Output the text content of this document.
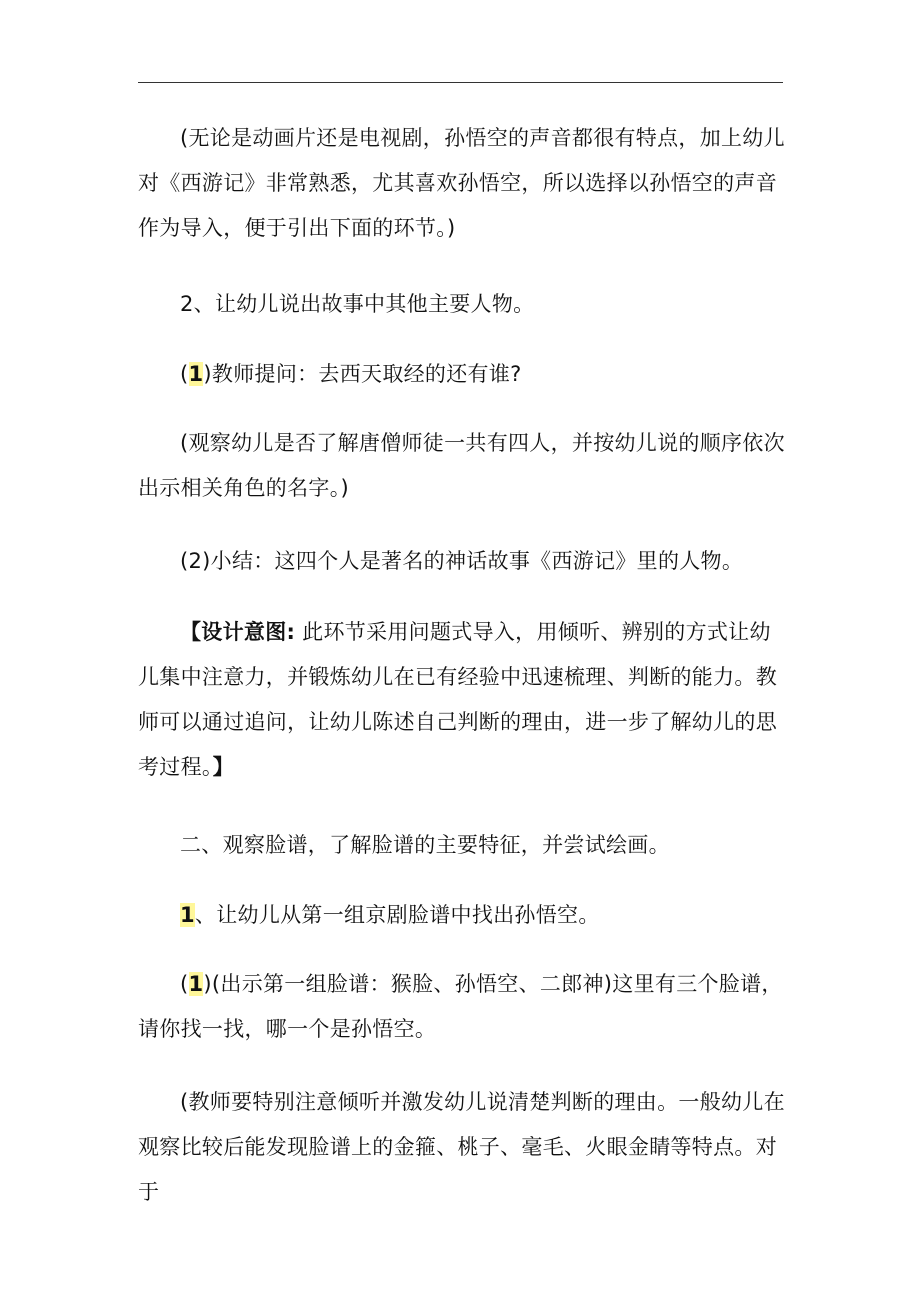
(无论是动画片还是电视剧，孙悟空的声音都很有特点，加上幼儿对《西游记》非常熟悉，尤其喜欢孙悟空，所以选择以孙悟空的声音作为导入，便于引出下面的环节。)

2、让幼儿说出故事中其他主要人物。

(1)教师提问：去西天取经的还有谁?

(观察幼儿是否了解唐僧师徒一共有四人，并按幼儿说的顺序依次出示相关角色的名字。)

(2)小结：这四个人是著名的神话故事《西游记》里的人物。

【设计意图: 此环节采用问题式导入，用倾听、辨别的方式让幼儿集中注意力，并锻炼幼儿在已有经验中迅速梳理、判断的能力。教师可以通过追问，让幼儿陈述自己判断的理由，进一步了解幼儿的思考过程。】

二、观察脸谱，了解脸谱的主要特征，并尝试绘画。

1、让幼儿从第一组京剧脸谱中找出孙悟空。

(1)(出示第一组脸谱：猴脸、孙悟空、二郎神)这里有三个脸谱，请你找一找，哪一个是孙悟空。

(教师要特别注意倾听并激发幼儿说清楚判断的理由。一般幼儿在观察比较后能发现脸谱上的金箍、桃子、毫毛、火眼金睛等特点。对于
